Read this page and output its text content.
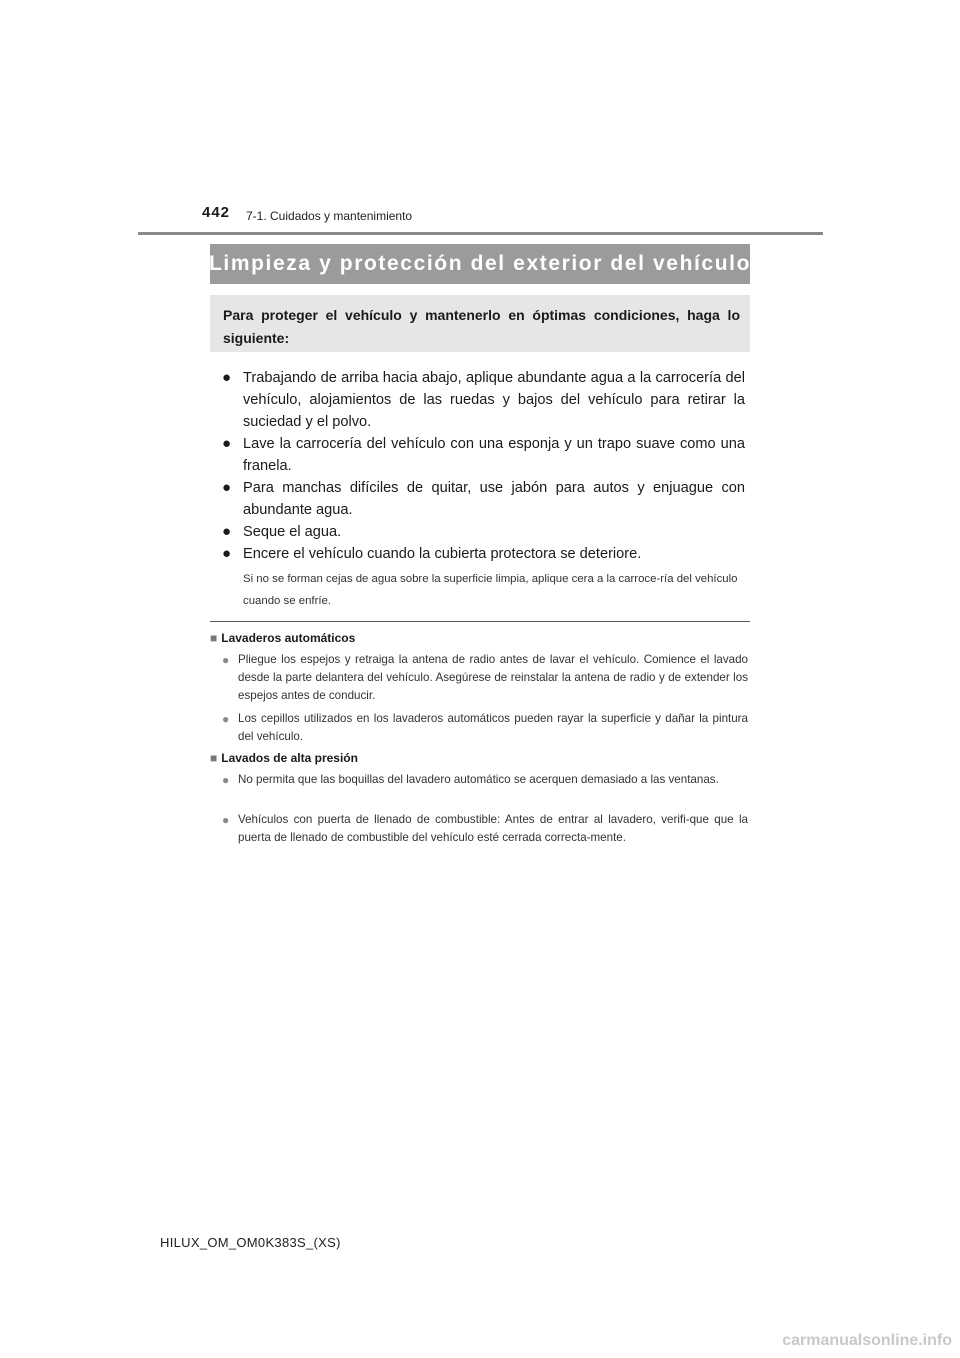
442 7-1. Cuidados y mantenimiento
Limpieza y protección del exterior del vehículo
Para proteger el vehículo y mantenerlo en óptimas condiciones, haga lo siguiente:
● Trabajando de arriba hacia abajo, aplique abundante agua a la carrocería del vehículo, alojamientos de las ruedas y bajos del vehículo para retirar la suciedad y el polvo.
● Lave la carrocería del vehículo con una esponja y un trapo suave como una franela.
● Para manchas difíciles de quitar, use jabón para autos y enjuague con abundante agua.
● Seque el agua.
● Encere el vehículo cuando la cubierta protectora se deteriore.
Si no se forman cejas de agua sobre la superficie limpia, aplique cera a la carroce-ría del vehículo cuando se enfríe.
■ Lavaderos automáticos
● Pliegue los espejos y retraiga la antena de radio antes de lavar el vehículo. Comience el lavado desde la parte delantera del vehículo. Asegúrese de reinstalar la antena de radio y de extender los espejos antes de conducir.
● Los cepillos utilizados en los lavaderos automáticos pueden rayar la superficie y dañar la pintura del vehículo.
■ Lavados de alta presión
● No permita que las boquillas del lavadero automático se acerquen demasiado a las ventanas.
● Vehículos con puerta de llenado de combustible: Antes de entrar al lavadero, verifi-que que la puerta de llenado de combustible del vehículo esté cerrada correcta-mente.
HILUX_OM_OM0K383S_(XS)
carmanualsonline.info
